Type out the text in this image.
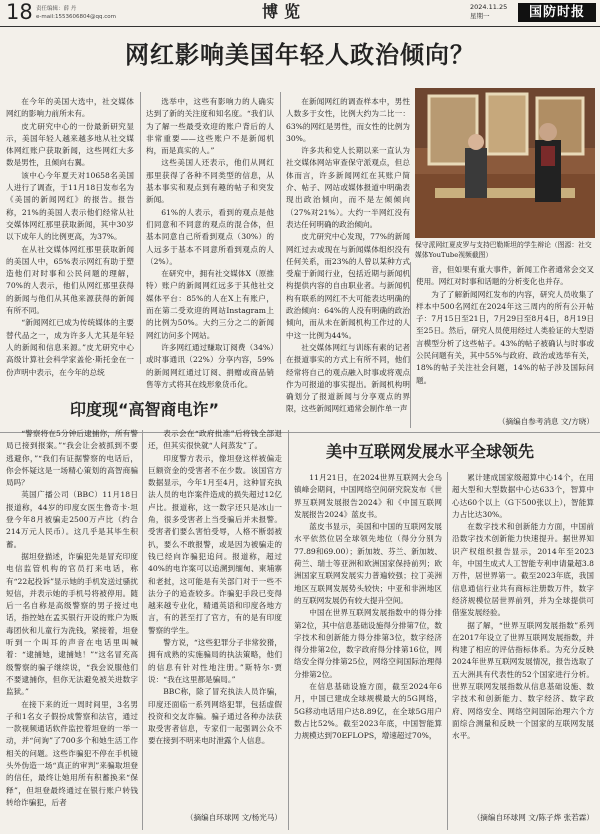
18 责任编辑：薛 丹
e-mail:1553606804@qq.com	博览	2024.11.25
星期一	国防时报
网红影响美国年轻人政治倾向？

在今年的美国大选中，社交媒体网红的影响力前所未有。

皮尤研究中心的一份最新研究显示，美国年轻人越来越多地从社交媒体网红账户获取新闻，这些网红大多数是男性，且倾向右翼。

该中心今年夏天对10658名美国人进行了调查，于11月18日发布名为《美国的新闻网红》的报告。报告称，21%的美国人表示他们经常从社交媒体网红那里获取新闻，其中30岁以下成年人的比例更高，为37%。

在从社交媒体网红那里获取新闻的美国人中，65%表示网红有助于塑造他们对时事和公民问题的理解，70%的人表示，他们从网红那里获得的新闻与他们从其他来源获得的新闻有所不同。

“新闻网红已成为传统媒体的主要替代品之一，成为许多人尤其是年轻人的新闻和信息来源。”皮尤研究中心高级计算社会科学家盖伦·斯托金在一份声明中表示，在今年的总统

选举中，这些有影响力的人确实达到了新的关注度和知名度。“我们认为了解一些最受欢迎的账户背后的人非常重要——这些账户不是新闻机构，而是真实的人。”

这些美国人还表示，他们从网红那里获得了各种不同类型的信息，从基本事实和观点到有趣的帖子和突发新闻。

61%的人表示，看到的观点是他们同意和不同意的观点的混合体，但基本同意自己所看到观点（30%）的人远多于基本不同意所看到观点的人（2%）。

在研究中，拥有社交媒体X（原推特）账户的新闻网红远多于其他社交媒体平台：85%的人在X上有账户，而在第二受欢迎的网站Instagram上的比例为50%。大约三分之二的新闻网红访问多个网站。

许多网红通过赚取订阅费（34%）或时事通讯（22%）分享内容，59%的新闻网红通过订阅、捐赠或商品销售等方式将其在线形象货币化。

在新闻网红的调查样本中，男性人数多于女性，比例大约为二比一：63%的网红是男性，而女性的比例为30%。

许多共和党人长期以来一直认为社交媒体网站审查保守派观点，但总体而言，许多新闻网红在其账户简介、帖子、网站或媒体报道中明确表现出政治倾向，而不是左倾倾向（27%对21%）。大约一半网红没有表达任何明确的政治倾向。

皮尤研究中心发现，77%的新闻网红过去或现在与新闻媒体组织没有任何关系，而23%的人曾以某种方式受雇于新闻行业，包括近期与新闻机构提供内容的自由职业者。与新闻机构有联系的网红不大可能表达明确的政治倾向：64%的人没有明确的政治倾向，而从未在新闻机构工作过的人中这一比例为44%。

社交媒体网红与训练有素的记者在报道事实的方式上有所不同，他们经常将自己的观点融入时事或将观点作为可报道的事实提出。新闻机构明确划分了报道新闻与分享观点的界限，这些新闻网红通常会制作单一声

保守派网红夏皮罗与支持巴勒斯坦的学生辩论（图源：社交媒体YouTube视频截图）

音，但如果有重大事件，新闻工作者通常会交叉使用。网红对时事和话题的分析变化也并存。

为了了解新闻网红发布的内容，研究人员收集了样本中500名网红在2024年这三周内的所有公开帖子：7月15日至21日，7月29日至8月4日，8月19日至25日。然后，研究人员使用经过人类验证的大型语言模型分析了这些帖子。43%的帖子被确认与时事或公民问题有关，其中55%与政府、政治或选举有关，18%的帖子关注社会问题，14%的帖子涉及国际问题。

（摘编自参考消息 文/方晓）

印度现“高智商电诈”

“警察将在5分钟后逮捕你，所有警局已接到报案。”“我会让会被抓到不要逃避你，”“我们有证据警察的电话后，你会怀疑这是一场精心策划的高智商骗局吗？

英国广播公司（BBC）11月18日报道称，44岁的印度女医生鲁奇卡·坦登今年8月被骗走2500万卢比（约合214万元人民币）。这几乎是其毕生积蓄。

据坦登描述，诈骗犯先是冒充印度电信监管机构的官员打来电话，称有“22起投诉”显示她的手机发送过骚扰短信，并表示她的手机号将被停用。随后一名自称是高级警察的男子接过电话，指控她在孟买银行开设的账户为贩毒团伙和儿童行为洗钱，紧接着，坦登听到一个叫耳的声音在电话里叫喊着：“逮捕她，逮捕她！”“这名冒充高级警察的骗子继续说，“我会说服他们不要逮捕你，但你无法避免被关进数字监狱。”

在接下来的近一周时间里，3名男子和1名女子假扮成警察和法官，通过一款视频通话软件监控着坦登的一举一动，并“问询”了700多个和她生活工作相关的问题。这些诈骗犯不停在手机镜头外伪造一场“真正的审判”来骗取坦登的信任，最终让她用所有积蓄换来“保释”，但坦登最终通过在银行账户转钱转给诈骗犯，后者

表示会在“政府批准”后将钱全部退还，但其实很快就“人间蒸发”了。

印度警方表示，像坦登这样被偏走巨额资金的受害者不在少数。该国官方数据显示，今年1月至4月，这种冒充执法人员的电诈案件造成的损失超过12亿卢比。报道称，这一数字还只是冰山一角，很多受害者上当受骗后并未报警。受害者们要么害怕受辱，人格不断弱被扒，要么不敢报警，或是因为被骗走的钱已经向诈骗犯追问。报道称，超过40%的电诈案可以追溯到缅甸、柬埔寨和老挝，这可能是有关部门对于一些不法分子的追查较多。诈骗犯手段已变得越来越专业化，精通英语和印度各地方言，有的甚至打了官方，有的是有印度警察的学生。

警方说，“这些犯罪分子非常狡猾，拥有成熟的实施骗局的执法策略，他们的信息有针对性地注册。”斯特尔·贾说：“我在这里都是骗局。”

BBC称，除了冒充执法人员诈骗，印度还面临一系列网络犯罪，包括虚假投资和交友诈骗。骗子通过各种办法获取受害者信息，专家们一起强调公众不要在接到不明来电时泄露个人信息。

（摘编自环球网 文/杨光马）

美中互联网发展水平全球领先

11月21日，在2024世界互联网大会乌镇峰会期间，中国网络空间研究院发布《世界互联网发展报告2024》和《中国互联网发展报告2024》蓝皮书。

蓝皮书显示，美国和中国的互联网发展水平依然位居全球领先地位（得分分别为77.89和69.00）；新加坡、芬兰、新加坡、荷兰、瑞士等亚洲和欧洲国家保持前列；欧洲国家互联网发展实力普遍较强；拉丁美洲地区互联网发展势头较快；中亚和非洲地区的互联网发展仍有较大提升空间。

中国在世界互联网发展指数中的得分排第2位，其中信息基础设施得分排第7位，数字技术和创新能力得分排第3位，数字经济得分排第2位，数字政府得分排第16位，网络安全得分排第25位，网络空间国际治理得分排第2位。

在信息基础设施方面，截至2024年6月，中国已建成全球规模最大的5G网络，5G移动电话用户达8.89亿，在全球5G用户数占比52%。截至2023年底，中国智能算力规模达到70EFLOPS，增速超过70%，

累计建成国家级超算中心14个，在用超大型和大型数据中心达633个，智算中心达60个以上（G下500张以上），智能算力占比达30%。

在数字技术和创新能力方面，中国前沿数字技术创新能力快速提升。据世界知识产权组织报告显示，2014年至2023年，中国生成式人工智能专利申请量超3.8万件，居世界第一。截至2023年底，我国信息通信行业共有商标注册数万件，数字经济规模位居世界前列，并为全球提供可借鉴发展经验。

据了解，“世界互联网发展指数”系列在2017年设立了世界互联网发展指数，并构建了相应的评估指标体系。为充分反映2024年世界互联网发展情况，报告选取了五大洲具有代表性的52个国家进行分析。世界互联网发展指数从信息基础设施、数字技术和创新能力、数字经济、数字政府、网络安全、网络空间国际治理六个方面综合测量和反映一个国家的互联网发展水平。

（摘编自环球网 文/陈子烨 张若霖）
